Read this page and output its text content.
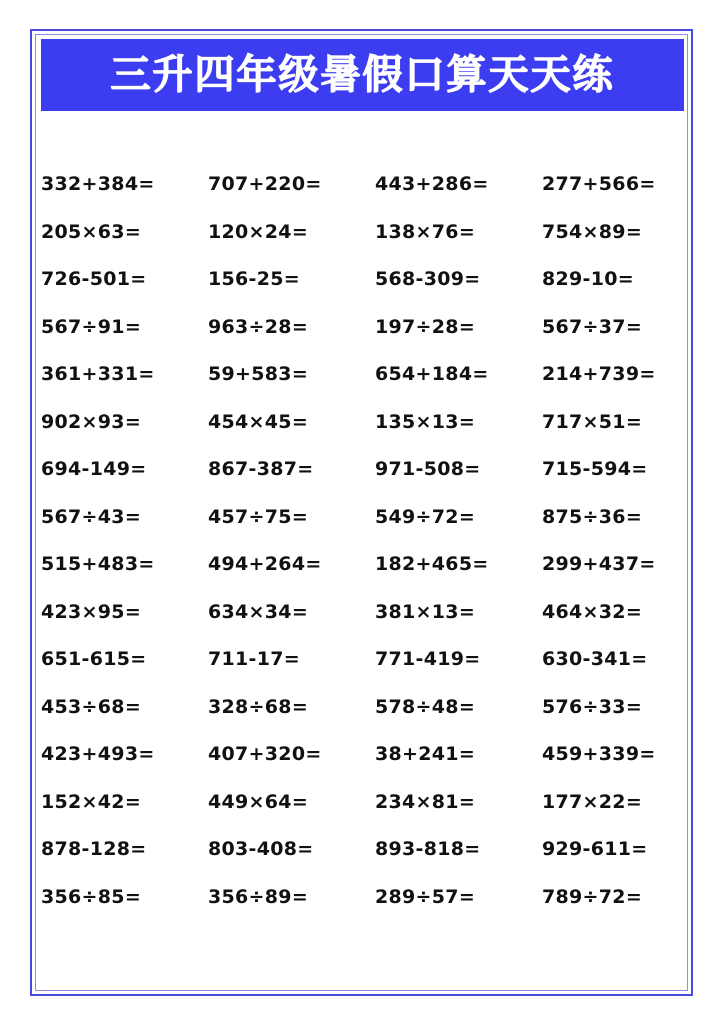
三升四年级暑假口算天天练
332+384=	707+220=	443+286=	277+566=
205×63=	120×24=	138×76=	754×89=
726-501=	156-25=	568-309=	829-10=
567÷91=	963÷28=	197÷28=	567÷37=
361+331=	59+583=	654+184=	214+739=
902×93=	454×45=	135×13=	717×51=
694-149=	867-387=	971-508=	715-594=
567÷43=	457÷75=	549÷72=	875÷36=
515+483=	494+264=	182+465=	299+437=
423×95=	634×34=	381×13=	464×32=
651-615=	711-17=	771-419=	630-341=
453÷68=	328÷68=	578÷48=	576÷33=
423+493=	407+320=	38+241=	459+339=
152×42=	449×64=	234×81=	177×22=
878-128=	803-408=	893-818=	929-611=
356÷85=	356÷89=	289÷57=	789÷72=
